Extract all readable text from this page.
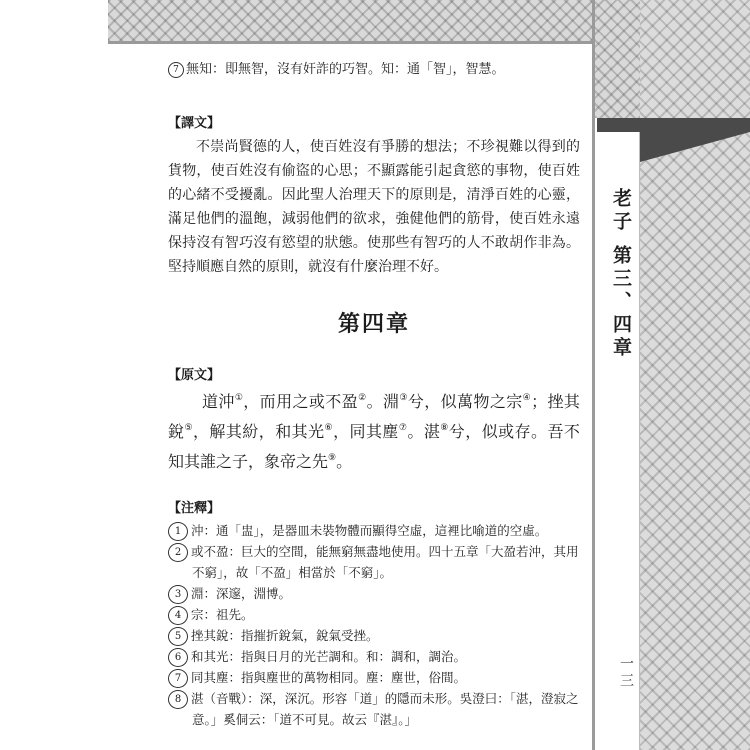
老子 第三、四章
一三

7 無知：即無智，沒有奸詐的巧智。知：通「智」，智慧。

【譯文】

不崇尚賢德的人，使百姓沒有爭勝的想法；不珍視難以得到的貨物，使百姓沒有偷盜的心思；不顯露能引起貪慾的事物，使百姓的心緒不受擾亂。因此聖人治理天下的原則是，清淨百姓的心靈，滿足他們的溫飽，減弱他們的欲求，強健他們的筋骨，使百姓永遠保持沒有智巧沒有慾望的狀態。使那些有智巧的人不敢胡作非為。堅持順應自然的原則，就沒有什麼治理不好。

第四章

【原文】

道沖①，而用之或不盈②。淵③兮，似萬物之宗④；挫其銳⑤，解其紛，和其光⑥，同其塵⑦。湛⑧兮，似或存。吾不知其誰之子，象帝之先⑨。

【注釋】

1 沖：通「盅」，是器皿未裝物體而顯得空虛，這裡比喻道的空虛。
2 或不盈：巨大的空間，能無窮無盡地使用。四十五章「大盈若沖，其用不窮」，故「不盈」相當於「不窮」。
3 淵：深邃，淵博。
4 宗：祖先。
5 挫其銳：指摧折銳氣，銳氣受挫。
6 和其光：指與日月的光芒調和。和：調和，調治。
7 同其塵：指與塵世的萬物相同。塵：塵世，俗間。
8 湛（音戰）：深，深沉。形容「道」的隱而未形。吳澄曰：「湛，澄寂之意。」奚侗云：「道不可見。故云『湛』。」
